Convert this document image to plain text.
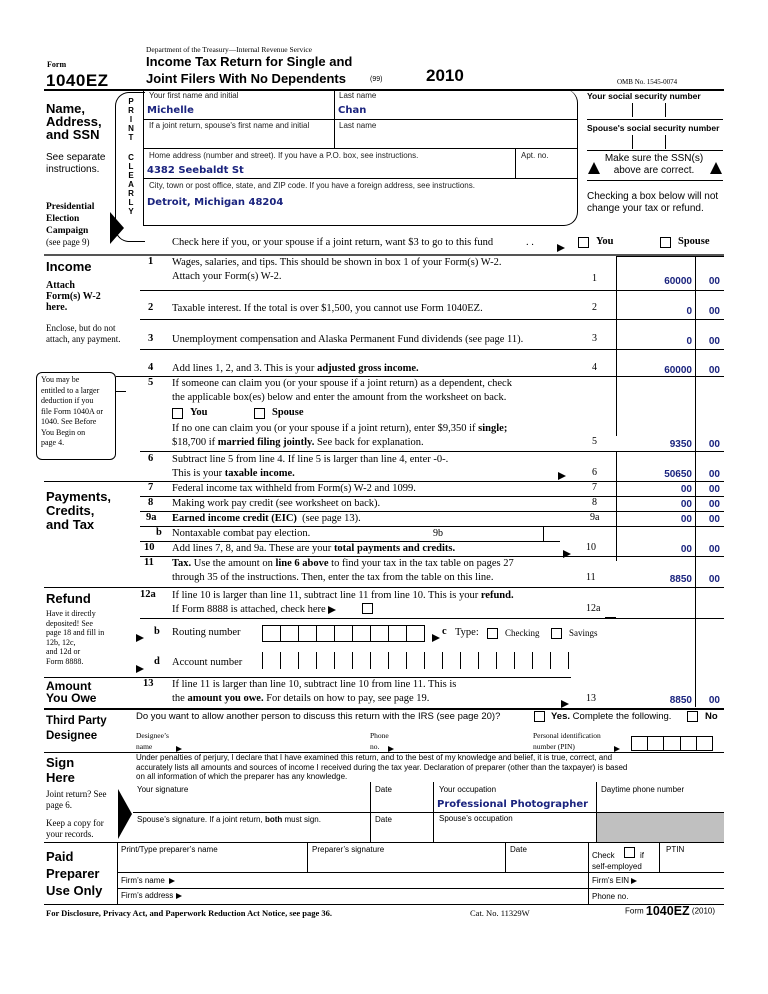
Form
1040EZ
Department of the Treasury—Internal Revenue Service
Income Tax Return for Single and
Joint Filers With No Dependents	(99)	2010	OMB No. 1545-0074
Name,
Address,
and SSN
See separate instructions.
P
R
I
N
T
C
L
E
A
R
L
Y
Your first name and initial
Michelle
Last name
Chan
If a joint return, spouse's first name and initial	Last name
Home address (number and street). If you have a P.O. box, see instructions.
4382 Seebaldt St
Apt. no.
City, town or post office, state, and ZIP code. If you have a foreign address, see instructions.
Detroit, Michigan 48204
Your social security number
Spouse's social security number
Make sure the SSN(s)
above are correct.
Checking a box below will not
change your tax or refund.
Presidential
Election
Campaign
(see page 9)	Check here if you, or your spouse if a joint return, want $3 to go to this fund	. .	You	Spouse
Income
Attach
Form(s) W-2
here.
Enclose, but do not attach, any payment.
1 Wages, salaries, and tips. This should be shown in box 1 of your Form(s) W-2.
Attach your Form(s) W-2.	1	60000	00
2 Taxable interest. If the total is over $1,500, you cannot use Form 1040EZ.	2	0	00
3 Unemployment compensation and Alaska Permanent Fund dividends (see page 11).	3	0	00
4 Add lines 1, 2, and 3. This is your adjusted gross income.	4	60000	00
You may be
entitled to a larger
deduction if you
file Form 1040A or
1040. See Before
You Begin on
page 4.
5 If someone can claim you (or your spouse if a joint return) as a dependent, check
the applicable box(es) below and enter the amount from the worksheet on back.
You	Spouse
If no one can claim you (or your spouse if a joint return), enter $9,350 if single;
$18,700 if married filing jointly. See back for explanation.	5	9350	00
6 Subtract line 5 from line 4. If line 5 is larger than line 4, enter -0-.
This is your taxable income.	6	50650	00
Payments,
Credits,
and Tax
7 Federal income tax withheld from Form(s) W-2 and 1099.	7	00	00
8 Making work pay credit (see worksheet on back).	8	00	00
9a Earned income credit (EIC)  (see page 13).	9a	00	00
b Nontaxable combat pay election.	9b
10 Add lines 7, 8, and 9a. These are your total payments and credits.	10	00	00
11 Tax. Use the amount on line 6 above to find your tax in the tax table on pages 27
through 35 of the instructions. Then, enter the tax from the table on this line.	11	8850	00
Refund
Have it directly
deposited! See
page 18 and fill in
12b, 12c,
and 12d or
Form 8888.
12a If line 10 is larger than line 11, subtract line 11 from line 10. This is your refund.
If Form 8888 is attached, check here	12a
b Routing number	c Type:	Checking	Savings
d Account number
Amount
You Owe
13 If line 11 is larger than line 10, subtract line 10 from line 11. This is
the amount you owe. For details on how to pay, see page 19.	13	8850	00
Third Party
Designee
Do you want to allow another person to discuss this return with the IRS (see page 20)?	Yes. Complete the following.	No
Designee’s
name
Phone
no.
Personal identification
number (PIN)
Sign
Here
Under penalties of perjury, I declare that I have examined this return, and to the best of my knowledge and belief, it is true, correct, and
accurately lists all amounts and sources of income I received during the tax year. Declaration of preparer (other than the taxpayer) is based
on all information of which the preparer has any knowledge.
Joint return? See
page 6.
Keep a copy for
your records.
Your signature	Date	Your occupation
Professional Photographer
Daytime phone number
Spouse’s signature. If a joint return, both must sign.	Date	Spouse’s occupation
Paid
Preparer
Use Only
Print/Type preparer’s name	Preparer’s signature	Date
Check	if
self-employed
PTIN
Firm’s name	Firm's EIN
Firm’s address	Phone no.
For Disclosure, Privacy Act, and Paperwork Reduction Act Notice, see page 36.	Cat. No. 11329W	Form 1040EZ (2010)
